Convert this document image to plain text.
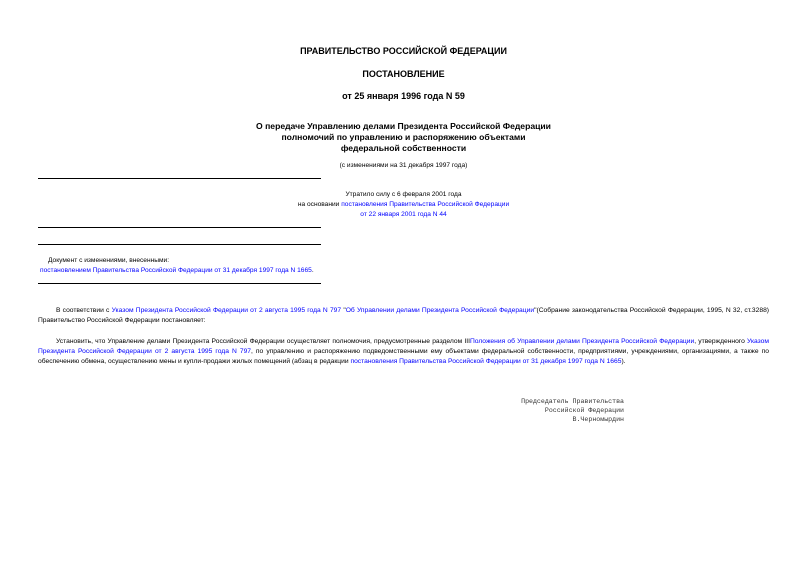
ПРАВИТЕЛЬСТВО РОССИЙСКОЙ ФЕДЕРАЦИИ
ПОСТАНОВЛЕНИЕ
от 25 января 1996 года N 59
О передаче Управлению делами Президента Российской Федерации
полномочий по управлению и распоряжению объектами
федеральной собственности
(с изменениями на 31 декабря 1997 года)
Утратило силу с 6 февраля 2001 года
на основании постановления Правительства Российской Федерации
от 22 января 2001 года N 44
Документ с изменениями, внесенными:
постановлением Правительства Российской Федерации от 31 декабря 1997 года N 1665.
В соответствии с Указом Президента Российской Федерации от 2 августа 1995 года N 797 "Об Управлении делами Президента Российской Федерации"(Собрание законодательства Российской Федерации, 1995, N 32, ст.3288) Правительство Российской Федерации постановляет:
Установить, что Управление делами Президента Российской Федерации осуществляет полномочия, предусмотренные разделом IIIПоложения об Управлении делами Президента Российской Федерации, утвержденного Указом Президента Российской Федерации от 2 августа 1995 года N 797, по управлению и распоряжению подведомственными ему объектами федеральной собственности, предприятиями, учреждениями, организациями, а также по обеспечению обмена, осуществлению мены и купли-продажи жилых помещений (абзац в редакции постановления Правительства Российской Федерации от 31 декабря 1997 года N 1665).
Председатель Правительства
Российской Федерации
В.Черномырдин
